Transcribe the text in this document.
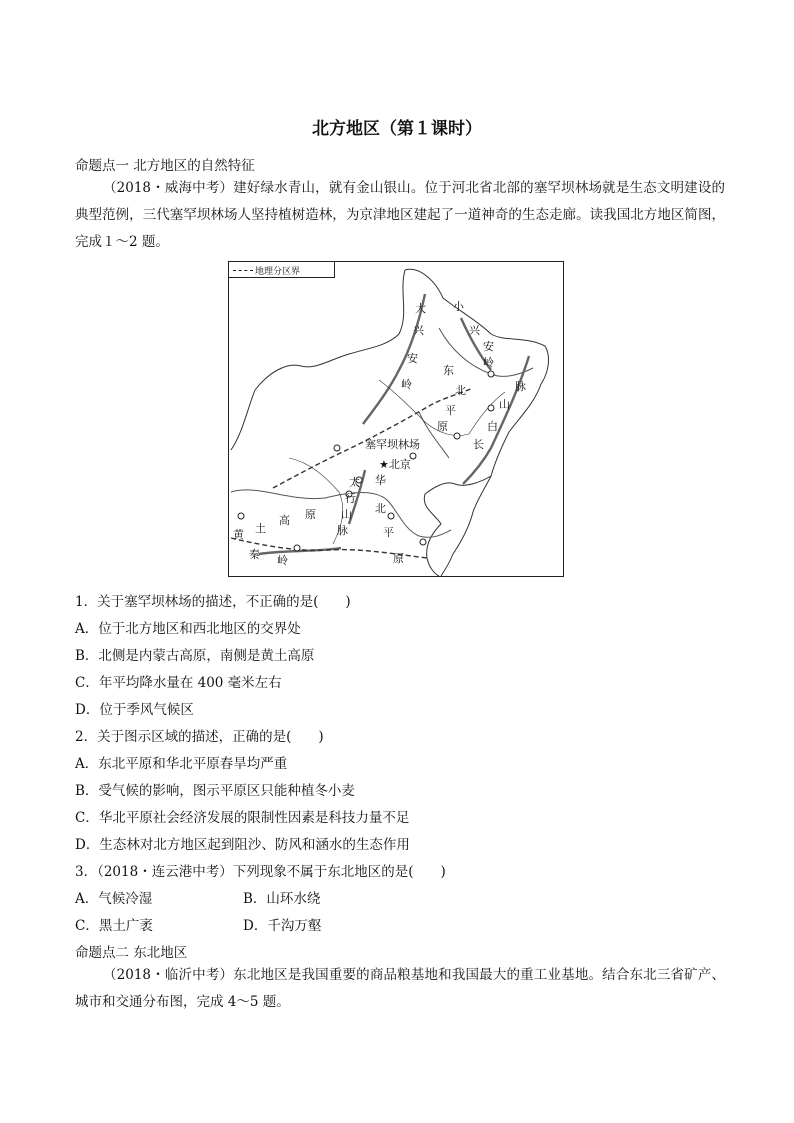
北方地区（第１课时）
命题点一 北方地区的自然特征
（2018・威海中考）建好绿水青山，就有金山银山。位于河北省北部的塞罕坝林场就是生态文明建设的典型范例，三代塞罕坝林场人坚持植树造林，为京津地区建起了一道神奇的生态走廊。读我国北方地区简图，完成１～2 题。
地理分区界
大
兴
安
岭
小
兴
安
岭
东
北
平
原
长
白
山
脉
塞罕坝林场
★北京
太
行
山
脉
华
北
平
原
黄 土
高 原
秦 岭
1．关于塞罕坝林场的描述，不正确的是(　　)
A．位于北方地区和西北地区的交界处
B．北侧是内蒙古高原，南侧是黄土高原
C．年平均降水量在 400 毫米左右
D．位于季风气候区
2．关于图示区域的描述，正确的是(　　)
A．东北平原和华北平原春旱均严重
B．受气候的影响，图示平原区只能种植冬小麦
C．华北平原社会经济发展的限制性因素是科技力量不足
D．生态林对北方地区起到阻沙、防风和涵水的生态作用
3．（2018・连云港中考）下列现象不属于东北地区的是(　　)
A．气候冷湿	B．山环水绕
C．黑土广袤	D．千沟万壑
命题点二 东北地区
（2018・临沂中考）东北地区是我国重要的商品粮基地和我国最大的重工业基地。结合东北三省矿产、城市和交通分布图，完成 4～5 题。
